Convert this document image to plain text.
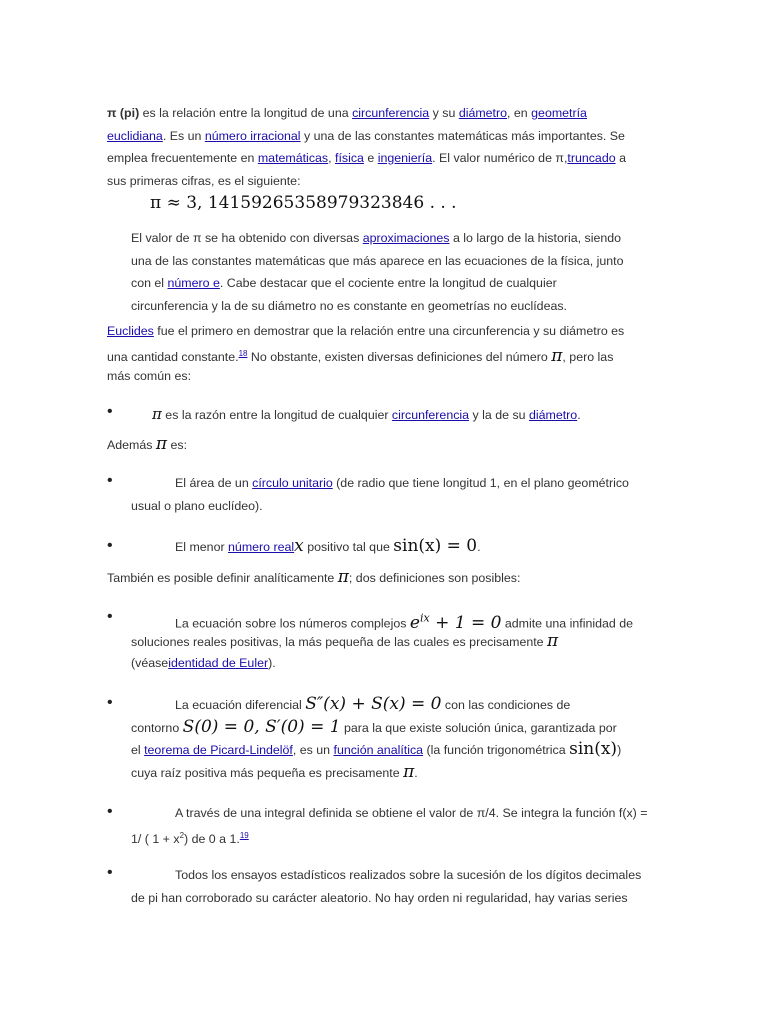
π (pi) es la relación entre la longitud de una circunferencia y su diámetro, en geometría
euclidiana. Es un número irracional y una de las constantes matemáticas más importantes. Se
emplea frecuentemente en matemáticas, física e ingeniería. El valor numérico de π,truncado a
sus primeras cifras, es el siguiente:
π ≈ 3, 14159265358979323846 . . .
El valor de π se ha obtenido con diversas aproximaciones a lo largo de la historia, siendo
una de las constantes matemáticas que más aparece en las ecuaciones de la física, junto
con el número e. Cabe destacar que el cociente entre la longitud de cualquier
circunferencia y la de su diámetro no es constante en geometrías no euclídeas.
Euclides fue el primero en demostrar que la relación entre una circunferencia y su diámetro es
una cantidad constante.$^{18}$ No obstante, existen diversas definiciones del número π, pero las
más común es:
•	π es la razón entre la longitud de cualquier circunferencia y la de su diámetro.
Además π es:
•	El área de un círculo unitario (de radio que tiene longitud 1, en el plano geométrico
usual o plano euclídeo).
•	El menor número realx positivo tal que sin(x) = 0.
También es posible definir analíticamente π; dos definiciones son posibles:
•	La ecuación sobre los números complejos $e^{ix} + 1 = 0$ admite una infinidad de
soluciones reales positivas, la más pequeña de las cuales es precisamente π
(véaseidentidad de Euler).
•	La ecuación diferencial S″(x) + S(x) = 0 con las condiciones de
contorno S(0) = 0, S′(0) = 1 para la que existe solución única, garantizada por
el teorema de Picard-Lindelöf, es un función analítica (la función trigonométrica sin(x))
cuya raíz positiva más pequeña es precisamente π.
•	A través de una integral definida se obtiene el valor de π/4. Se integra la función f(x) =
1/ ( $1 + x^2$) de 0 a 1.19
•	Todos los ensayos estadísticos realizados sobre la sucesión de los dígitos decimales
de pi han corroborado su carácter aleatorio. No hay orden ni regularidad, hay varias series
